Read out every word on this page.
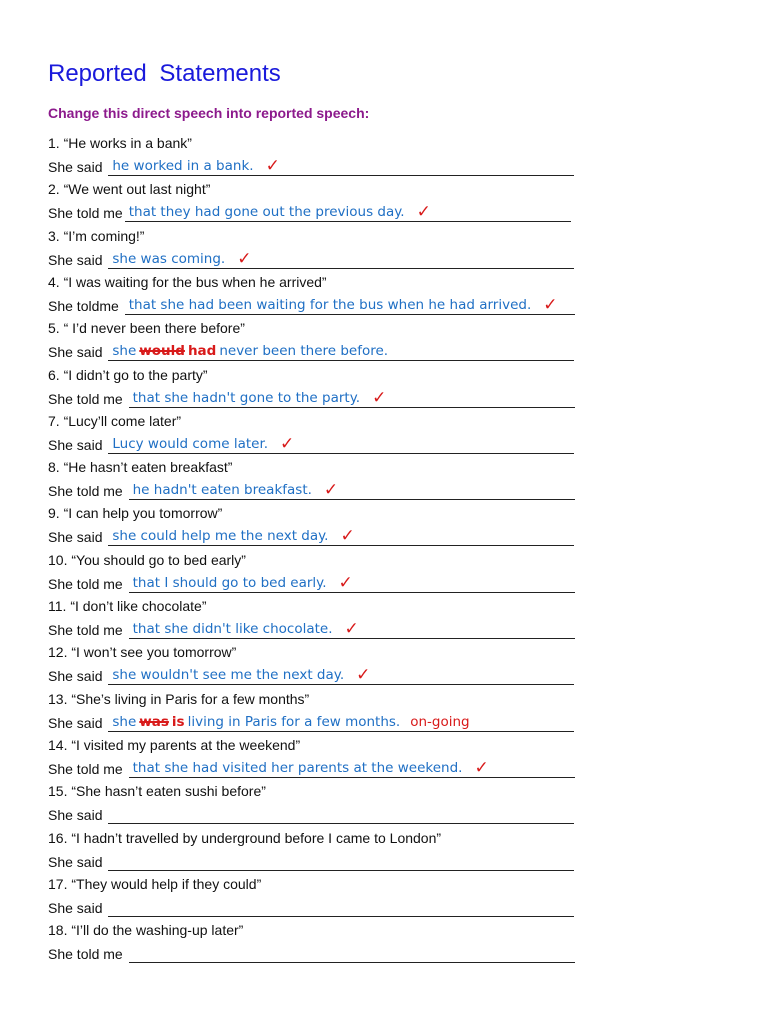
Reported Statements
Change this direct speech into reported speech:
1. “He works in a bank”
She said he worked in a bank. ✓
2. “We went out last night”
She told me that they had gone out the previous day. ✓
3. “I’m coming!”
She said she was coming. ✓
4. “I was waiting for the bus when he arrived”
She toldme that she had been waiting for the bus when he had arrived. ✓
5. “ I’d never been there before”
She said she would had never been there before.
6. “I didn’t go to the party”
She told me that she hadn't gone to the party. ✓
7. “Lucy’ll come later”
She said Lucy would come later. ✓
8. “He hasn’t eaten breakfast”
She told me he hadn't eaten breakfast. ✓
9. “I can help you tomorrow”
She said she could help me the next day. ✓
10. “You should go to bed early”
She told me that I should go to bed early. ✓
11. “I don’t like chocolate”
She told me that she didn't like chocolate. ✓
12. “I won’t see you tomorrow”
She said she wouldn't see me the next day. ✓
13. “She’s living in Paris for a few months”
She said she was is living in Paris for a few months. on-going
14. “I visited my parents at the weekend”
She told me that she had visited her parents at the weekend. ✓
15. “She hasn’t eaten sushi before”
She said
16. “I hadn’t travelled by underground before I came to London”
She said
17. “They would help if they could”
She said
18. “I’ll do the washing-up later”
She told me
